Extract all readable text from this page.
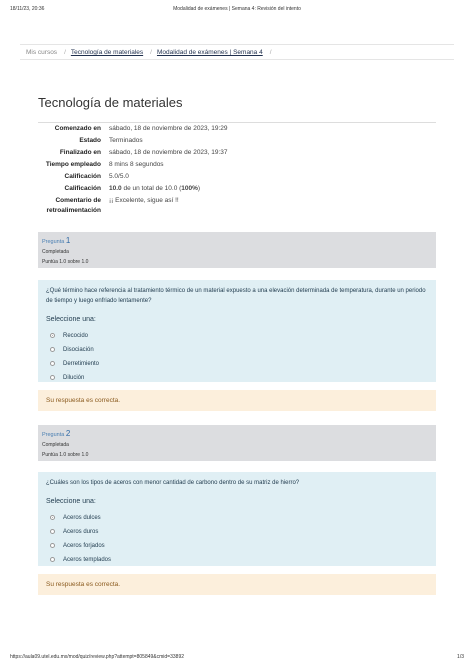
18/11/23, 20:36	Modalidad de exámenes | Semana 4: Revisión del intento
Mis cursos / Tecnología de materiales / Modalidad de exámenes | Semana 4 /
Tecnología de materiales
Comenzado en	sábado, 18 de noviembre de 2023, 19:29
Estado	Terminados
Finalizado en	sábado, 18 de noviembre de 2023, 19:37
Tiempo empleado	8 mins 8 segundos
Calificación	5.0/5.0
Calificación	10.0 de un total de 10.0 (100%)
Comentario de retroalimentación	¡¡ Excelente, sigue así !!
Pregunta 1
Completada
Puntúa 1.0 sobre 1.0
¿Qué término hace referencia al tratamiento térmico de un material expuesto a una elevación determinada de temperatura, durante un periodo de tiempo y luego enfriado lentamente?
Seleccione una:
Recocido
Disociación
Derretimiento
Dilución
Su respuesta es correcta.
Pregunta 2
Completada
Puntúa 1.0 sobre 1.0
¿Cuáles son los tipos de aceros con menor cantidad de carbono dentro de su matriz de hierro?
Seleccione una:
Aceros dulces
Aceros duros
Aceros forjados
Aceros templados
Su respuesta es correcta.
https://aula09.utel.edu.mx/mod/quiz/review.php?attempt=805849&cmid=33892	1/3
